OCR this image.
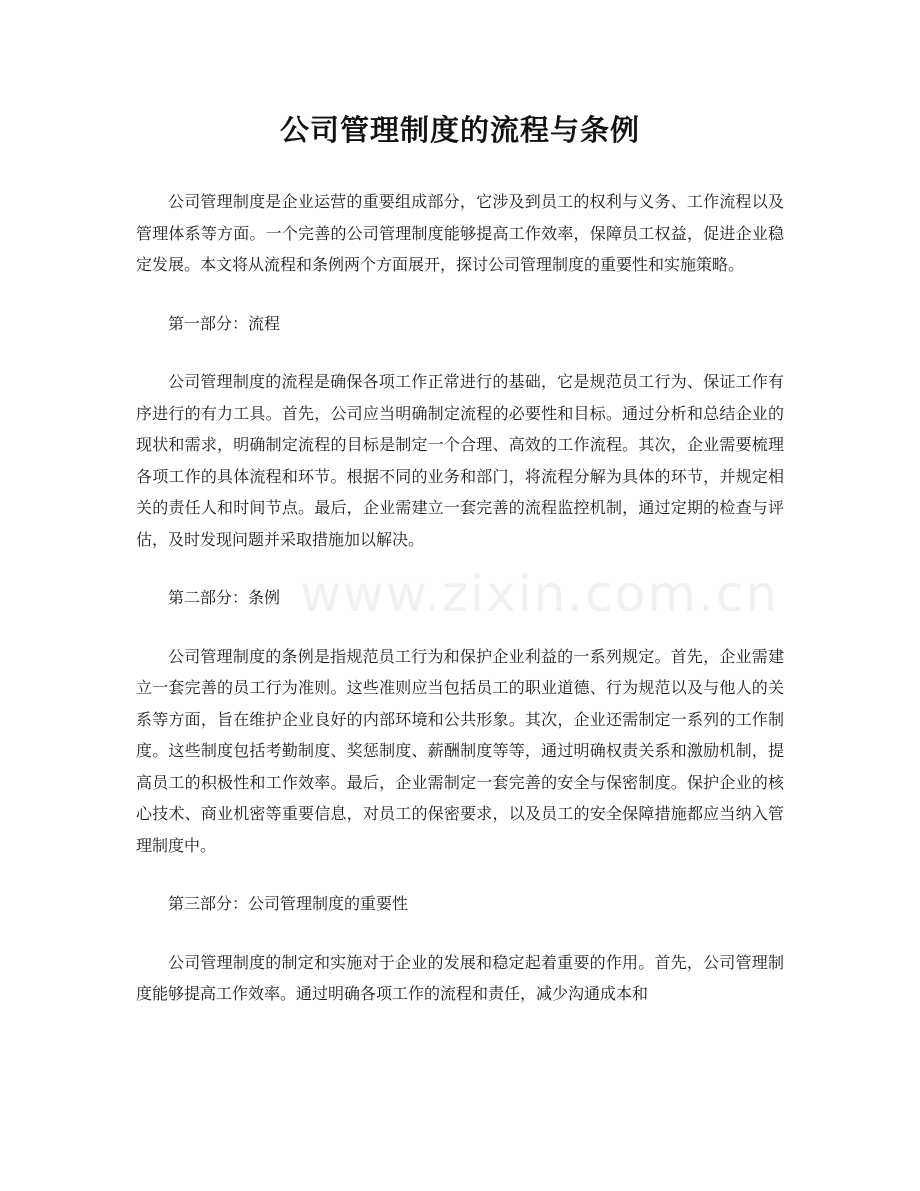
公司管理制度的流程与条例

公司管理制度是企业运营的重要组成部分，它涉及到员工的权利与义务、工作流程以及管理体系等方面。一个完善的公司管理制度能够提高工作效率，保障员工权益，促进企业稳定发展。本文将从流程和条例两个方面展开，探讨公司管理制度的重要性和实施策略。

第一部分：流程

公司管理制度的流程是确保各项工作正常进行的基础，它是规范员工行为、保证工作有序进行的有力工具。首先，公司应当明确制定流程的必要性和目标。通过分析和总结企业的现状和需求，明确制定流程的目标是制定一个合理、高效的工作流程。其次，企业需要梳理各项工作的具体流程和环节。根据不同的业务和部门，将流程分解为具体的环节，并规定相关的责任人和时间节点。最后，企业需建立一套完善的流程监控机制，通过定期的检查与评估，及时发现问题并采取措施加以解决。

第二部分：条例

公司管理制度的条例是指规范员工行为和保护企业利益的一系列规定。首先，企业需建立一套完善的员工行为准则。这些准则应当包括员工的职业道德、行为规范以及与他人的关系等方面，旨在维护企业良好的内部环境和公共形象。其次，企业还需制定一系列的工作制度。这些制度包括考勤制度、奖惩制度、薪酬制度等等，通过明确权责关系和激励机制，提高员工的积极性和工作效率。最后，企业需制定一套完善的安全与保密制度。保护企业的核心技术、商业机密等重要信息，对员工的保密要求，以及员工的安全保障措施都应当纳入管理制度中。

第三部分：公司管理制度的重要性

公司管理制度的制定和实施对于企业的发展和稳定起着重要的作用。首先，公司管理制度能够提高工作效率。通过明确各项工作的流程和责任，减少沟通成本和

www.zixin.com.cn
